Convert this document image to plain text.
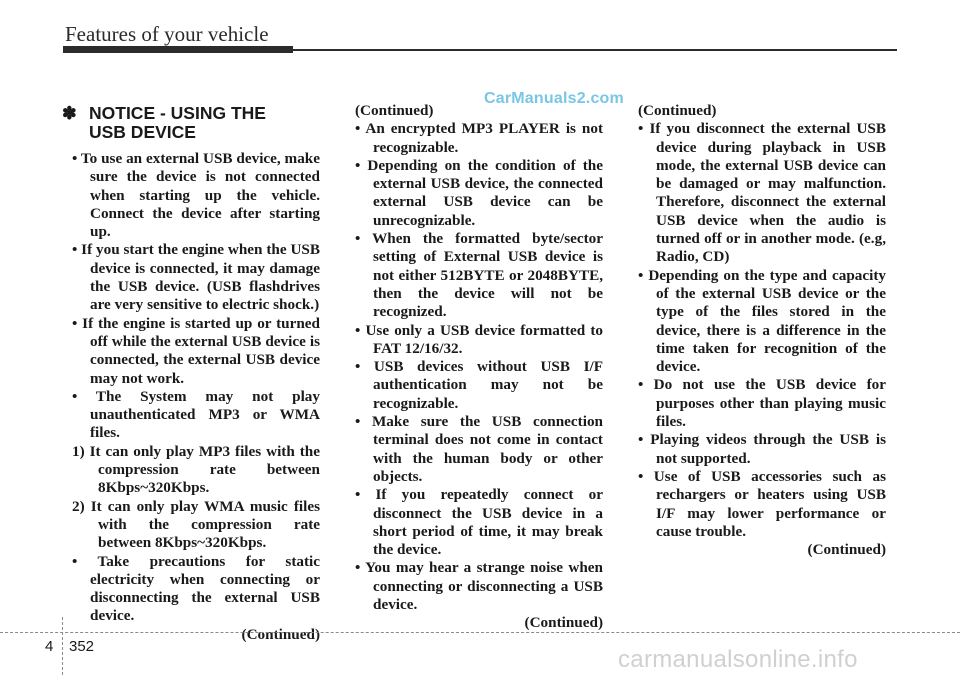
Features of your vehicle
CarManuals2.com
✽ NOTICE - USING THE
USB DEVICE
• To use an external USB device, make sure the device is not connected when starting up the vehicle. Connect the device after starting up.
• If you start the engine when the USB device is connected, it may damage the USB device. (USB flashdrives are very sensitive to electric shock.)
• If the engine is started up or turned off while the external USB device is connected, the external USB device may not work.
• The System may not play unauthenticated MP3 or WMA files.
1) It can only play MP3 files with the compression rate between 8Kbps~320Kbps.
2) It can only play WMA music files with the compression rate between 8Kbps~320Kbps.
• Take precautions for static electricity when connecting or disconnecting the external USB device.
(Continued)
(Continued)
• An encrypted MP3 PLAYER is not recognizable.
• Depending on the condition of the external USB device, the connected external USB device can be unrecognizable.
• When the formatted byte/sector setting of External USB device is not either 512BYTE or 2048BYTE, then the device will not be recognized.
• Use only a USB device formatted to FAT 12/16/32.
• USB devices without USB I/F authentication may not be recognizable.
• Make sure the USB connection terminal does not come in contact with the human body or other objects.
• If you repeatedly connect or disconnect the USB device in a short period of time, it may break the device.
• You may hear a strange noise when connecting or disconnecting a USB device.
(Continued)
(Continued)
• If you disconnect the external USB device during playback in USB mode, the external USB device can be damaged or may malfunction. Therefore, disconnect the external USB device when the audio is turned off or in another mode. (e.g, Radio, CD)
• Depending on the type and capacity of the external USB device or the type of the files stored in the device, there is a difference in the time taken for recognition of the device.
• Do not use the USB device for purposes other than playing music files.
• Playing videos through the USB is not supported.
• Use of USB accessories such as rechargers or heaters using USB I/F may lower performance or cause trouble.
(Continued)
4 352	carmanualsonline.info
